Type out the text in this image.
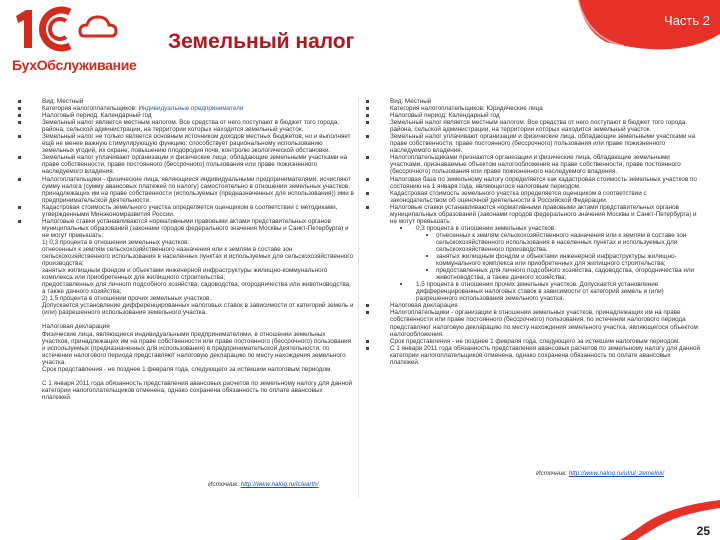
БухОбслуживание
Земельный налог
Часть 2

Вид: Местный

Категория налогоплательщиков: Индивидуальные предприниматели

Налоговый период: Календарный год

Земельный налог является местным налогом. Все средства от него поступают в бюджет того города, района, сельской администрации, на территории которых находится земельный участок.

Земельный налог не только является основным источником доходов местных бюджетов, но и выполняет ещё не менее важную стимулирующую функцию: способствует рациональному использованию земельных угодий, их охране, повышению плодородия почв, контролю экологической обстановки.

Земельный налог уплачивают организации и физические лица, обладающие земельными участками на праве собственности, праве постоянного (бессрочного) пользования или праве пожизненного наследуемого владения.

Налогоплательщики - физические лица, являющиеся индивидуальными предпринимателями, исчисляют сумму налога (сумму авансовых платежей по налогу) самостоятельно в отношении земельных участков, принадлежащих им на праве собственности (используемых (предназначенных для использования)) ими в предпринимательской деятельности.

Кадастровая стоимость земельного участка определяется оценщиком в соответствии с методиками, утвержденными Минэкономразвития России.

Налоговые ставки устанавливаются нормативными правовыми актами представительных органов муниципальных образований (законами городов федерального значения Москвы и Санкт-Петербурга) и не могут превышать:

1) 0,3 процента в отношении земельных участков:

отнесенных к землям сельскохозяйственного назначения или к землям в составе зон сельскохозяйственного использования в населенных пунктах и используемых для сельскохозяйственного производства;

занятых жилищным фондом и объектами инженерной инфраструктуры жилищно-коммунального комплекса или приобретенных для жилищного строительства;

предоставленных для личного подсобного хозяйства, садоводства, огородничества или животноводства, а также дачного хозяйства;

2) 1,5 процента в отношении прочих земельных участков.

Допускается установление дифференцированных налоговых ставок в зависимости от категорий земель и (или) разрешенного использования земельного участка.

Налоговая декларация

Физические лица, являющиеся индивидуальными предпринимателями, в отношении земельных участков, принадлежащих им на праве собственности или праве постоянного (бессрочного) пользования и используемых (предназначенных для использования) в предпринимательской деятельности, по истечении налогового периода представляют налоговую декларацию по месту нахождения земельного участка.

Срок представления - не позднее 1 февраля года, следующего за истекшим налоговым периодом.

С 1 января 2011 года обязанность представления авансовых расчетов по земельному налогу для данной категории налогоплательщиков отменена, однако сохранена обязанность по оплате авансовых платежей.

Источник: http://www.nalog.ru/lc/earth/

Вид: Местный

Категория налогоплательщиков: Юридические лица

Налоговый период: Календарный год

Земельный налог является местным налогом. Все средства от него поступают в бюджет того города, района, сельской администрации, на территории которых находится земельный участок.

Земельный налог уплачивают организации и физические лица, обладающие земельными участками на праве собственности, праве постоянного (бессрочного) пользования или праве пожизненного наследуемого владения.

Налогоплательщиками признаются организации и физические лица, обладающие земельными участками, признаваемые объектом налогообложения на праве собственности, праве постоянного (бессрочного) пользования или праве пожизненного наследуемого владения.

Налоговая база по земельному налогу определяется как кадастровая стоимость земельных участков по состоянию на 1 января года, являющегося налоговым периодом.

Кадастровая стоимость земельного участка определяется оценщиком в соответствии с законодательством об оценочной деятельности в Российской Федерации.

Налоговые ставки устанавливаются нормативными правовыми актами представительных органов муниципальных образований (законами городов федерального значения Москвы и Санкт-Петербурга) и не могут превышать:

0,3 процента в отношении земельных участков:

отнесенных к землям сельскохозяйственного назначения или к землям в составе зон сельскохозяйственного использования в населенных пунктах и используемых для сельскохозяйственного производства;

занятых жилищным фондом и объектами инженерной инфраструктуры жилищно-коммунального комплекса или приобретенных для жилищного строительства;

предоставленных для личного подсобного хозяйства, садоводства, огородничества или животноводства, а также дачного хозяйства;

1,5 процента в отношении прочих земельных участков. Допускается установление дифференцированных налоговых ставок в зависимости от категорий земель и (или) разрешенного использования земельного участка.

Налоговая декларация

Налогоплательщики - организации в отношении земельных участков, принадлежащих им на праве собственности или праве постоянного (бессрочного) пользования, по истечении налогового периода представляют налоговую декларацию по месту нахождения земельного участка, являющегося объектом налогообложения.

Срок представления - не позднее 1 февраля года, следующего за истекшим налоговым периодом.

С 1 января 2011 года обязанность представления авансовых расчетов по земельному налогу для данной категории налогоплательщиков отменена, однако сохранена обязанность по оплате авансовых платежей.

Источник: http://www.nalog.ru/ul/ul_zemelnii/
25
